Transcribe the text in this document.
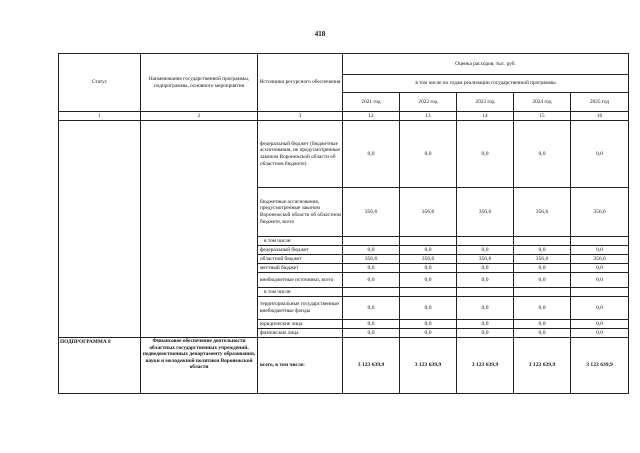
418
Статус	Наименование государственной программы, подпрограммы, основного мероприятия	Источники ресурсного обеспечения	Оценка расходов, тыс. руб.				
			в том числе по годам реализации государственной программы				
			2021 год	2022 год	2023 год	2024 год	2025 год
1	2	3	12	13	14	15	16
		федеральный бюджет (бюджетные ассигнования, не предусмотренные законом Воронежской области об областном бюджете)	0,0	0,0	0,0	0,0	0,0
		бюджетные ассигнования, предусмотренные законом Воронежской области об областном бюджете, всего	356,6	356,6	356,6	356,6	356,6
		в том числе:					
		федеральный бюджет	0,0	0,0	0,0	0,0	0,0
		областной бюджет	356,6	356,6	356,6	356,6	356,6
		местный бюджет	0,0	0,0	0,0	0,0	0,0
		внебюджетные источники, всего	0,0	0,0	0,0	0,0	0,0
		в том числе:					
		территориальные государственные внебюджетные фонды	0,0	0,0	0,0	0,0	0,0
		юридические лица	0,0	0,0	0,0	0,0	0,0
		физические лица	0,0	0,0	0,0	0,0	0,0
ПОДПРОГРАММА 8	Финансовое обеспечение деятельности областных государственных учреждений, подведомственных департаменту образования, науки и молодежной политики Воронежской области	всего, в том числе:	3 123 639,9	3 123 639,9	3 123 639,9	3 123 639,9	3 123 639,9
